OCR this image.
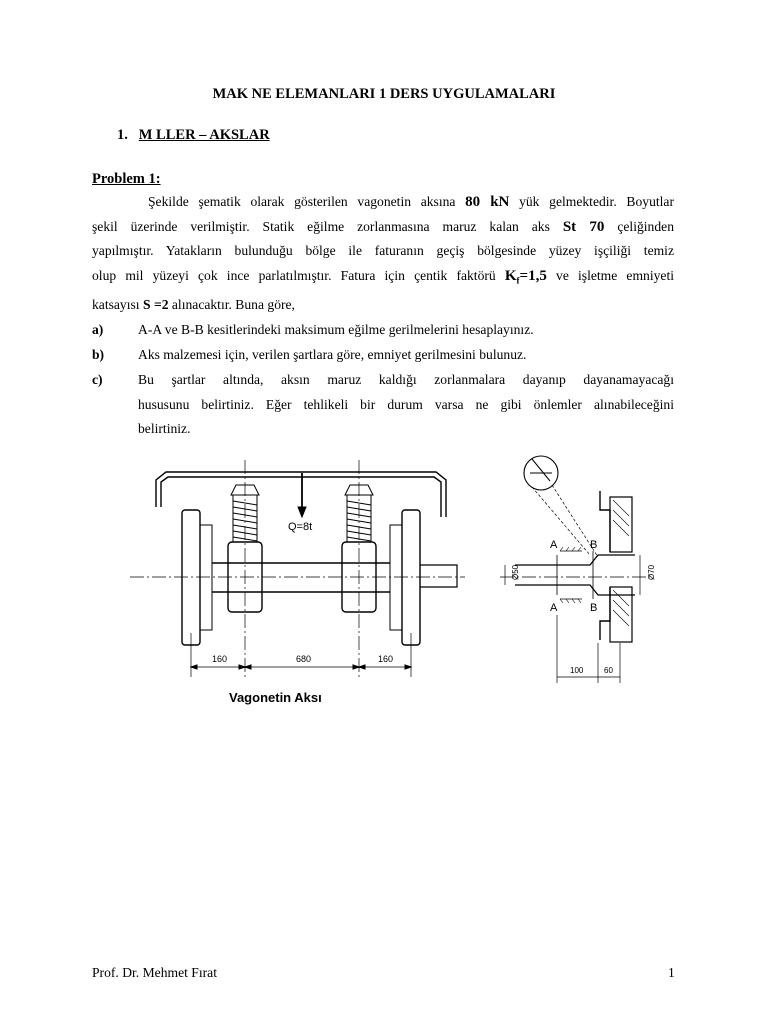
MAK NE ELEMANLARI 1 DERS UYGULAMALARI
1. M LLER – AKSLAR
Problem 1:
Şekilde şematik olarak gösterilen vagonetin aksına 80 kN yük gelmektedir. Boyutlar
şekil üzerinde verilmiştir. Statik eğilme zorlanmasına maruz kalan aks St 70 çeliğinden
yapılmıştır. Yatakların bulunduğu bölge ile faturanın geçiş bölgesinde yüzey işçiliği temiz
olup mil yüzeyi çok ince parlatılmıştır. Fatura için çentik faktörü $K_f=1,5$ ve işletme emniyeti
katsayısı S =2 alınacaktır. Buna göre,
a)	A-A ve B-B kesitlerindeki maksimum eğilme gerilmelerini hesaplayınız.
b) Aks malzemesi için, verilen şartlara göre, emniyet gerilmesini bulunuz.
c)	Bu şartlar altında, aksın maruz kaldığı zorlanmalara dayanıp dayanamayacağı
hususunu belirtiniz. Eğer tehlikeli bir durum varsa ne gibi önlemler alınabileceğini
belirtiniz.
Q=8t
160	680	160
A	B
A	B
Ø50	Ø70
100	60
Vagonetin Aksı
Prof. Dr. Mehmet Fırat	1
